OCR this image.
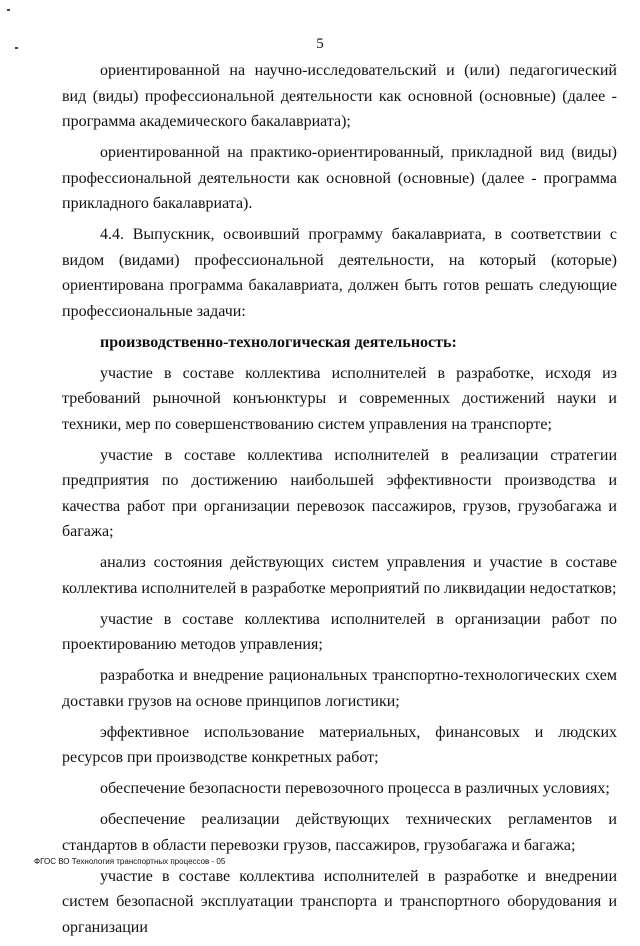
5

ориентированной на научно-исследовательский и (или) педагогический вид (виды) профессиональной деятельности как основной (основные) (далее - программа академического бакалавриата);

ориентированной на практико-ориентированный, прикладной вид (виды) профессиональной деятельности как основной (основные) (далее - программа прикладного бакалавриата).

4.4. Выпускник, освоивший программу бакалавриата, в соответствии с видом (видами) профессиональной деятельности, на который (которые) ориентирована программа бакалавриата, должен быть готов решать следующие профессиональные задачи:

производственно-технологическая деятельность:

участие в составе коллектива исполнителей в разработке, исходя из требований рыночной конъюнктуры и современных достижений науки и техники, мер по совершенствованию систем управления на транспорте;

участие в составе коллектива исполнителей в реализации стратегии предприятия по достижению наибольшей эффективности производства и качества работ при организации перевозок пассажиров, грузов, грузобагажа и багажа;

анализ состояния действующих систем управления и участие в составе коллектива исполнителей в разработке мероприятий по ликвидации недостатков;

участие в составе коллектива исполнителей в организации работ по проектированию методов управления;

разработка и внедрение рациональных транспортно-технологических схем доставки грузов на основе принципов логистики;

эффективное использование материальных, финансовых и людских ресурсов при производстве конкретных работ;

обеспечение безопасности перевозочного процесса в различных условиях;

обеспечение реализации действующих технических регламентов и стандартов в области перевозки грузов, пассажиров, грузобагажа и багажа;

участие в составе коллектива исполнителей в разработке и внедрении систем безопасной эксплуатации транспорта и транспортного оборудования и организации

ФГОС ВО Технология транспортных процессов - 05
